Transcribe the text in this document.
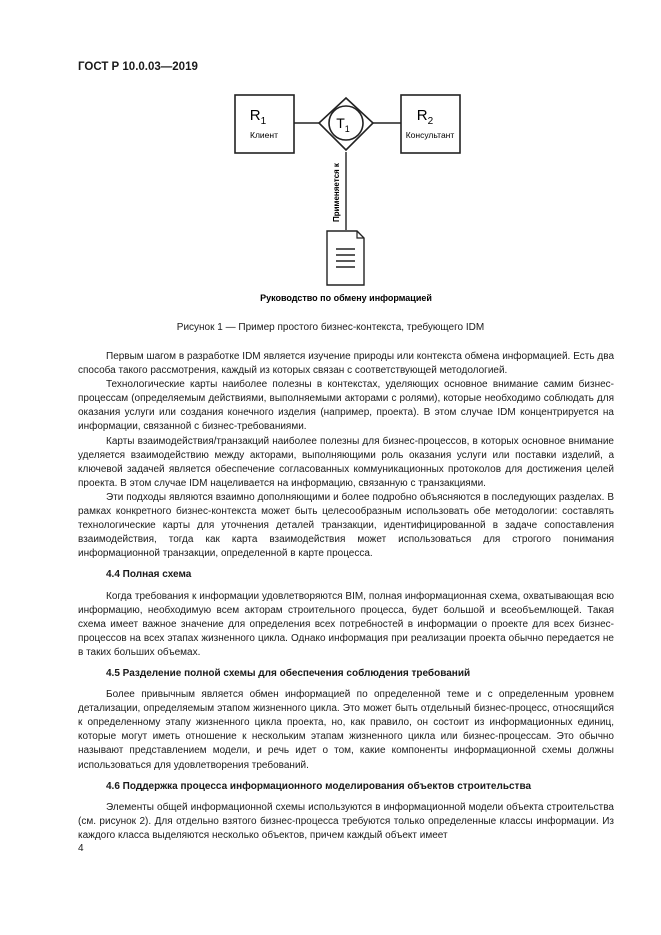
ГОСТ Р 10.0.03—2019
$R_1$
Клиент
$T_1$
$R_2$
Консультант
Применяется к
Руководство по обмену информацией
Рисунок 1 — Пример простого бизнес-контекста, требующего IDM

Первым шагом в разработке IDM является изучение природы или контекста обмена информацией. Есть два способа такого рассмотрения, каждый из которых связан с соответствующей методологией.

Технологические карты наиболее полезны в контекстах, уделяющих основное внимание самим бизнес-процессам (определяемым действиями, выполняемыми акторами с ролями), которые необходимо соблюдать для оказания услуги или создания конечного изделия (например, проекта). В этом случае IDM концентрируется на информации, связанной с бизнес-требованиями.

Карты взаимодействия/транзакций наиболее полезны для бизнес-процессов, в которых основное внимание уделяется взаимодействию между акторами, выполняющими роль оказания услуги или поставки изделий, а ключевой задачей является обеспечение согласованных коммуникационных протоколов для достижения целей проекта. В этом случае IDM нацеливается на информацию, связанную с транзакциями.

Эти подходы являются взаимно дополняющими и более подробно объясняются в последующих разделах. В рамках конкретного бизнес-контекста может быть целесообразным использовать обе методологии: составлять технологические карты для уточнения деталей транзакции, идентифицированной в задаче сопоставления взаимодействия, тогда как карта взаимодействия может использоваться для строгого понимания информационной транзакции, определенной в карте процесса.

4.4 Полная схема

Когда требования к информации удовлетворяются BIM, полная информационная схема, охватывающая всю информацию, необходимую всем акторам строительного процесса, будет большой и всеобъемлющей. Такая схема имеет важное значение для определения всех потребностей в информации о проекте для всех бизнес-процессов на всех этапах жизненного цикла. Однако информация при реализации проекта обычно передается не в таких больших объемах.

4.5 Разделение полной схемы для обеспечения соблюдения требований

Более привычным является обмен информацией по определенной теме и с определенным уровнем детализации, определяемым этапом жизненного цикла. Это может быть отдельный бизнес-процесс, относящийся к определенному этапу жизненного цикла проекта, но, как правило, он состоит из информационных единиц, которые могут иметь отношение к нескольким этапам жизненного цикла или бизнес-процессам. Это обычно называют представлением модели, и речь идет о том, какие компоненты информационной схемы должны использоваться для удовлетворения требований.

4.6 Поддержка процесса информационного моделирования объектов строительства

Элементы общей информационной схемы используются в информационной модели объекта строительства (см. рисунок 2). Для отдельно взятого бизнес-процесса требуются только определенные классы информации. Из каждого класса выделяются несколько объектов, причем каждый объект имеет

4
